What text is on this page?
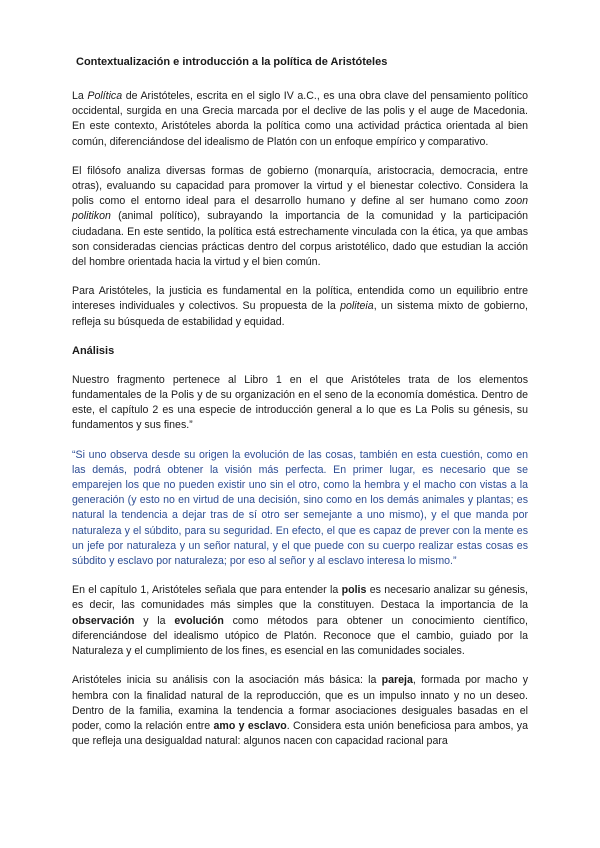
Contextualización e introducción a la política de Aristóteles

La Política de Aristóteles, escrita en el siglo IV a.C., es una obra clave del pensamiento político occidental, surgida en una Grecia marcada por el declive de las polis y el auge de Macedonia. En este contexto, Aristóteles aborda la política como una actividad práctica orientada al bien común, diferenciándose del idealismo de Platón con un enfoque empírico y comparativo.

El filósofo analiza diversas formas de gobierno (monarquía, aristocracia, democracia, entre otras), evaluando su capacidad para promover la virtud y el bienestar colectivo. Considera la polis como el entorno ideal para el desarrollo humano y define al ser humano como zoon politikon (animal político), subrayando la importancia de la comunidad y la participación ciudadana. En este sentido, la política está estrechamente vinculada con la ética, ya que ambas son consideradas ciencias prácticas dentro del corpus aristotélico, dado que estudian la acción del hombre orientada hacia la virtud y el bien común.

Para Aristóteles, la justicia es fundamental en la política, entendida como un equilibrio entre intereses individuales y colectivos. Su propuesta de la politeia, un sistema mixto de gobierno, refleja su búsqueda de estabilidad y equidad.

Análisis

Nuestro fragmento pertenece al Libro 1 en el que Aristóteles trata de los elementos fundamentales de la Polis y de su organización en el seno de la economía doméstica. Dentro de este, el capítulo 2 es una especie de introducción general a lo que es La Polis su génesis, su fundamentos y sus fines.”

“Si uno observa desde su origen la evolución de las cosas, también en esta cuestión, como en las demás, podrá obtener la visión más perfecta. En primer lugar, es necesario que se emparejen los que no pueden existir uno sin el otro, como la hembra y el macho con vistas a la generación (y esto no en virtud de una decisión, sino como en los demás animales y plantas; es natural la tendencia a dejar tras de sí otro ser semejante a uno mismo), y el que manda por naturaleza y el súbdito, para su seguridad. En efecto, el que es capaz de prever con la mente es un jefe por naturaleza y un señor natural, y el que puede con su cuerpo realizar estas cosas es súbdito y esclavo por naturaleza; por eso al señor y al esclavo interesa lo mismo.”

En el capítulo 1, Aristóteles señala que para entender la polis es necesario analizar su génesis, es decir, las comunidades más simples que la constituyen. Destaca la importancia de la observación y la evolución como métodos para obtener un conocimiento científico, diferenciándose del idealismo utópico de Platón. Reconoce que el cambio, guiado por la Naturaleza y el cumplimiento de los fines, es esencial en las comunidades sociales.

Aristóteles inicia su análisis con la asociación más básica: la pareja, formada por macho y hembra con la finalidad natural de la reproducción, que es un impulso innato y no un deseo. Dentro de la familia, examina la tendencia a formar asociaciones desiguales basadas en el poder, como la relación entre amo y esclavo. Considera esta unión beneficiosa para ambos, ya que refleja una desigualdad natural: algunos nacen con capacidad racional para
